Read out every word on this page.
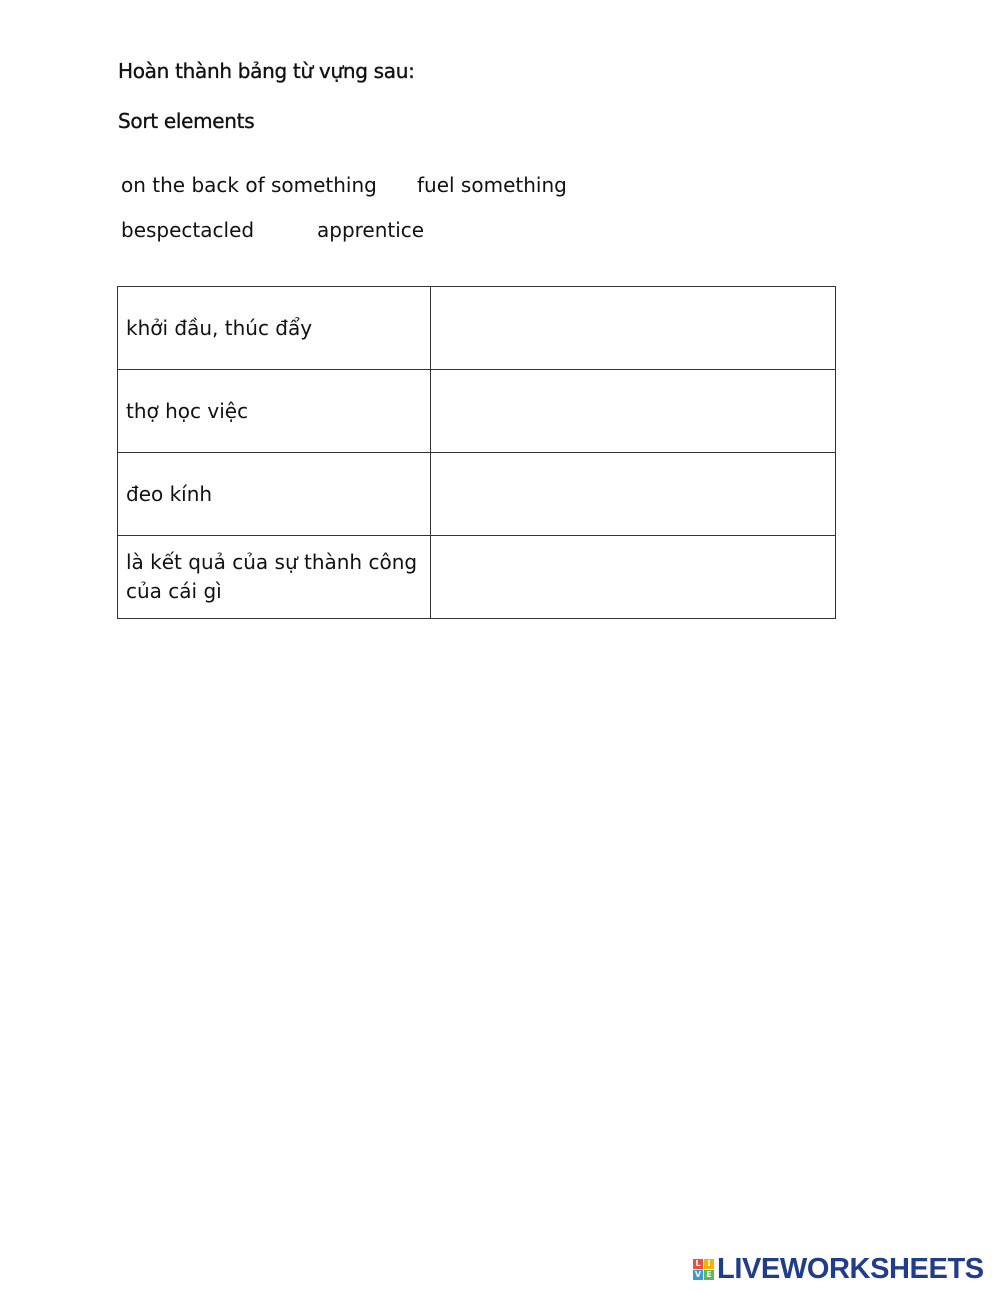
Hoàn thành bảng từ vựng sau:
Sort elements
on the back of something fuel something
bespectacled	apprentice
khởi đầu, thúc đẩy	
thợ học việc	
đeo kính	
là kết quả của sự thành công của cái gì	
L I
V E LIVEWORKSHEETS
